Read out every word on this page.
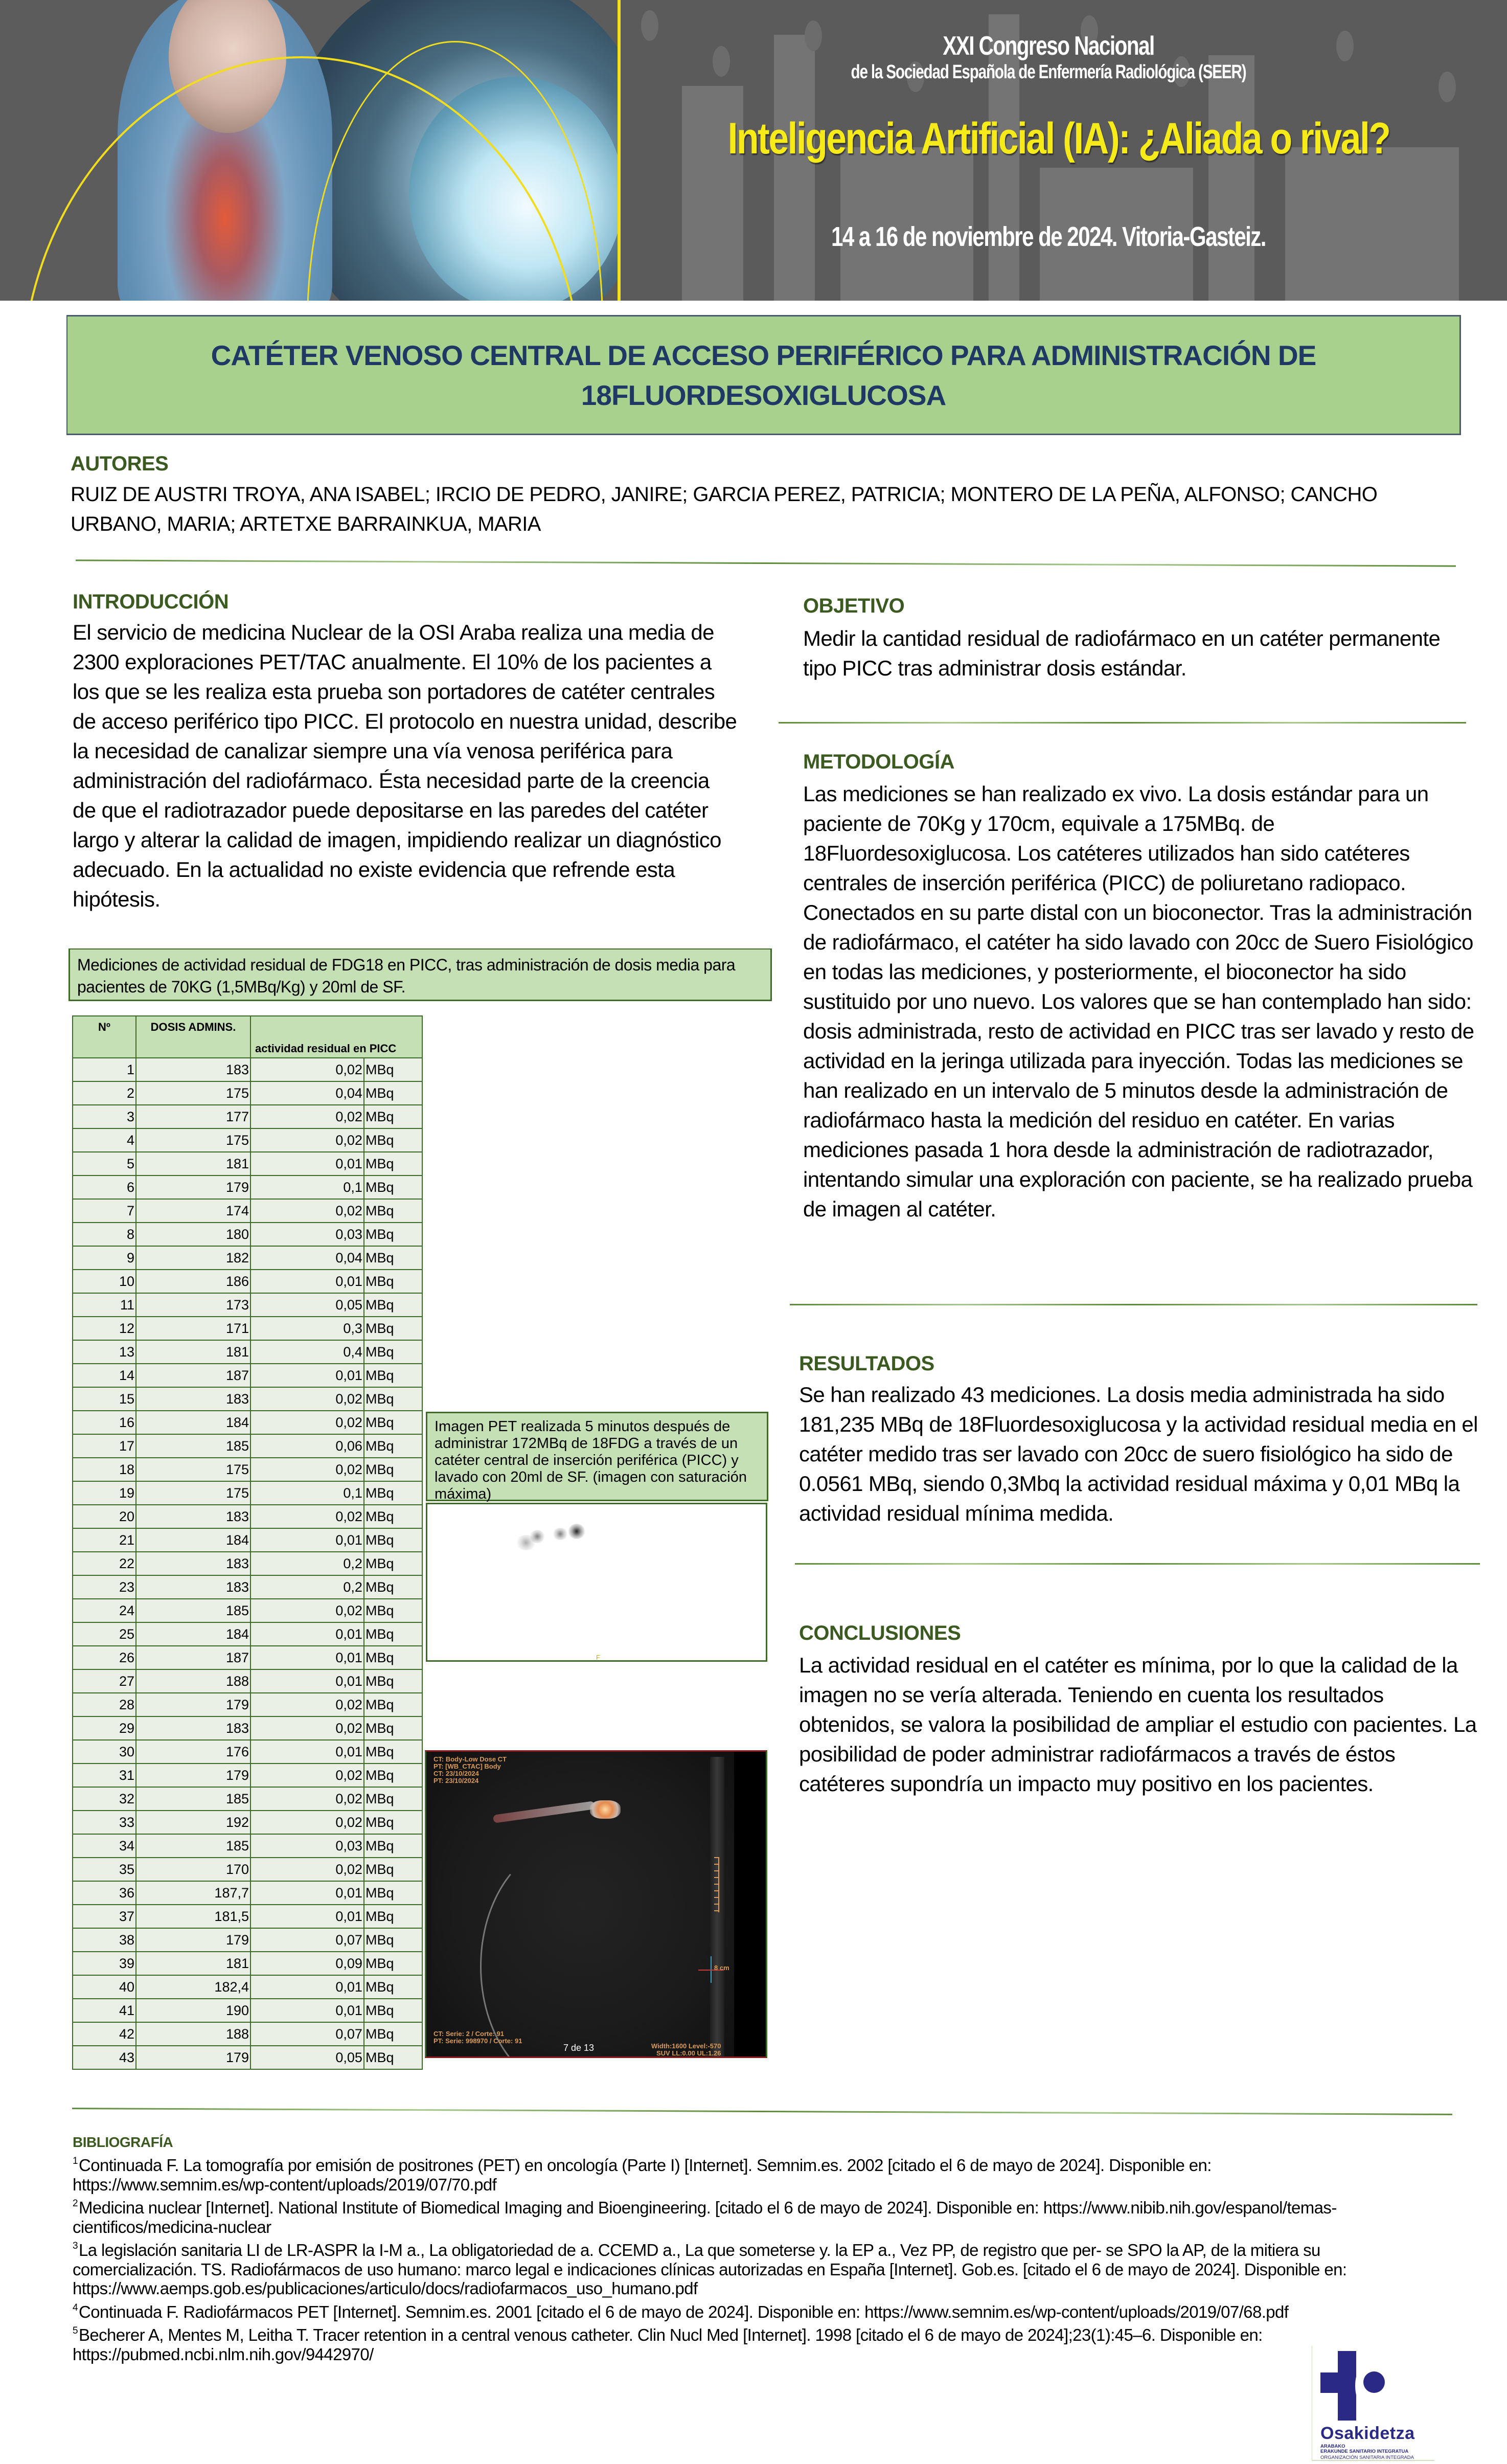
XXI Congreso Nacional
de la Sociedad Española de Enfermería Radiológica (SEER)
Inteligencia Artificial (IA): ¿Aliada o rival?
14 a 16 de noviembre de 2024. Vitoria-Gasteiz.
CATÉTER VENOSO CENTRAL DE ACCESO PERIFÉRICO PARA ADMINISTRACIÓN DE
18FLUORDESOXIGLUCOSA
AUTORES
RUIZ DE AUSTRI TROYA, ANA ISABEL; IRCIO DE PEDRO, JANIRE; GARCIA PEREZ, PATRICIA; MONTERO DE LA PEÑA, ALFONSO; CANCHO URBANO, MARIA; ARTETXE BARRAINKUA, MARIA
INTRODUCCIÓN
El servicio de medicina Nuclear de la OSI Araba realiza una media de 2300 exploraciones PET/TAC anualmente. El 10% de los pacientes a los que se les realiza esta prueba son portadores de catéter centrales de acceso periférico tipo PICC. El protocolo en nuestra unidad, describe la necesidad de canalizar siempre una vía venosa periférica para administración del radiofármaco. Ésta necesidad parte de la creencia de que el radiotrazador puede depositarse en las paredes del catéter largo y alterar la calidad de imagen, impidiendo realizar un diagnóstico adecuado. En la actualidad no existe evidencia que refrende esta hipótesis.
OBJETIVO
Medir la cantidad residual de radiofármaco en un catéter permanente tipo PICC tras administrar dosis estándar.
METODOLOGÍA
Las mediciones se han realizado ex vivo. La dosis estándar para un paciente de 70Kg y 170cm, equivale a 175MBq. de 18Fluordesoxiglucosa. Los catéteres utilizados han sido catéteres centrales de inserción periférica (PICC) de poliuretano radiopaco. Conectados en su parte distal con un bioconector. Tras la administración de radiofármaco, el catéter ha sido lavado con 20cc de Suero Fisiológico en todas las mediciones, y posteriormente, el bioconector ha sido sustituido por uno nuevo. Los valores que se han contemplado han sido: dosis administrada, resto de actividad en PICC tras ser lavado y resto de actividad en la jeringa utilizada para inyección. Todas las mediciones se han realizado en un intervalo de 5 minutos desde la administración de radiofármaco hasta la medición del residuo en catéter. En varias mediciones pasada 1 hora desde la administración de radiotrazador, intentando simular una exploración con paciente, se ha realizado prueba de imagen al catéter.
RESULTADOS
Se han realizado 43 mediciones. La dosis media administrada ha sido 181,235 MBq de 18Fluordesoxiglucosa y la actividad residual media en el catéter medido tras ser lavado con 20cc de suero fisiológico ha sido de 0.0561 MBq, siendo 0,3Mbq la actividad residual máxima y 0,01 MBq la actividad residual mínima medida.
CONCLUSIONES
La actividad residual en el catéter es mínima, por lo que la calidad de la imagen no se vería alterada. Teniendo en cuenta los resultados obtenidos, se valora la posibilidad de ampliar el estudio con pacientes. La posibilidad de poder administrar radiofármacos a través de éstos catéteres supondría un impacto muy positivo en los pacientes.
Mediciones de actividad residual de FDG18 en PICC, tras administración de dosis media para pacientes de 70KG (1,5MBq/Kg) y 20ml de SF.
Nº	DOSIS ADMINS.	actividad residual en PICC	
1	183	0,02	MBq
2	175	0,04	MBq
3	177	0,02	MBq
4	175	0,02	MBq
5	181	0,01	MBq
6	179	0,1	MBq
7	174	0,02	MBq
8	180	0,03	MBq
9	182	0,04	MBq
10	186	0,01	MBq
11	173	0,05	MBq
12	171	0,3	MBq
13	181	0,4	MBq
14	187	0,01	MBq
15	183	0,02	MBq
16	184	0,02	MBq
17	185	0,06	MBq
18	175	0,02	MBq
19	175	0,1	MBq
20	183	0,02	MBq
21	184	0,01	MBq
22	183	0,2	MBq
23	183	0,2	MBq
24	185	0,02	MBq
25	184	0,01	MBq
26	187	0,01	MBq
27	188	0,01	MBq
28	179	0,02	MBq
29	183	0,02	MBq
30	176	0,01	MBq
31	179	0,02	MBq
32	185	0,02	MBq
33	192	0,02	MBq
34	185	0,03	MBq
35	170	0,02	MBq
36	187,7	0,01	MBq
37	181,5	0,01	MBq
38	179	0,07	MBq
39	181	0,09	MBq
40	182,4	0,01	MBq
41	190	0,01	MBq
42	188	0,07	MBq
43	179	0,05	MBq
Imagen PET realizada 5 minutos después de administrar 172MBq de 18FDG a través de un catéter central de inserción periférica (PICC) y lavado con 20ml de SF. (imagen con saturación máxima)
F
CT: Body-Low Dose CT
PT: [WB_CTAC] Body
CT: 23/10/2024
PT: 23/10/2024
8 cm
CT: Serie: 2 / Corte: 91
PT: Serie: 998970 / Corte: 91
7 de 13	Width:1600 Level:-570
SUV LL:0.00 UL:1.26
BIBLIOGRAFÍA
$^1$Continuada F. La tomografía por emisión de positrones (PET) en oncología (Parte I) [Internet]. Semnim.es. 2002 [citado el 6 de mayo de 2024]. Disponible en: https://www.semnim.es/wp-content/uploads/2019/07/70.pdf
$^2$Medicina nuclear [Internet]. National Institute of Biomedical Imaging and Bioengineering. [citado el 6 de mayo de 2024]. Disponible en: https://www.nibib.nih.gov/espanol/temas-cientificos/medicina-nuclear
$^3$La legislación sanitaria LI de LR-ASPR la I-M a., La obligatoriedad de a. CCEMD a., La que someterse y. la EP a., Vez PP, de registro que per- se SPO la AP, de la mitiera su comercialización. TS. Radiofármacos de uso humano: marco legal e indicaciones clínicas autorizadas en España [Internet]. Gob.es. [citado el 6 de mayo de 2024]. Disponible en: https://www.aemps.gob.es/publicaciones/articulo/docs/radiofarmacos_uso_humano.pdf
$^4$Continuada F. Radiofármacos PET [Internet]. Semnim.es. 2001 [citado el 6 de mayo de 2024]. Disponible en: https://www.semnim.es/wp-content/uploads/2019/07/68.pdf
$^5$Becherer A, Mentes M, Leitha T. Tracer retention in a central venous catheter. Clin Nucl Med [Internet]. 1998 [citado el 6 de mayo de 2024];23(1):45–6. Disponible en: https://pubmed.ncbi.nlm.nih.gov/9442970/
Osakidetza
ARABAKO
ERAKUNDE SANITARIO INTEGRATUA
ORGANIZACIÓN SANITARIA INTEGRADA
